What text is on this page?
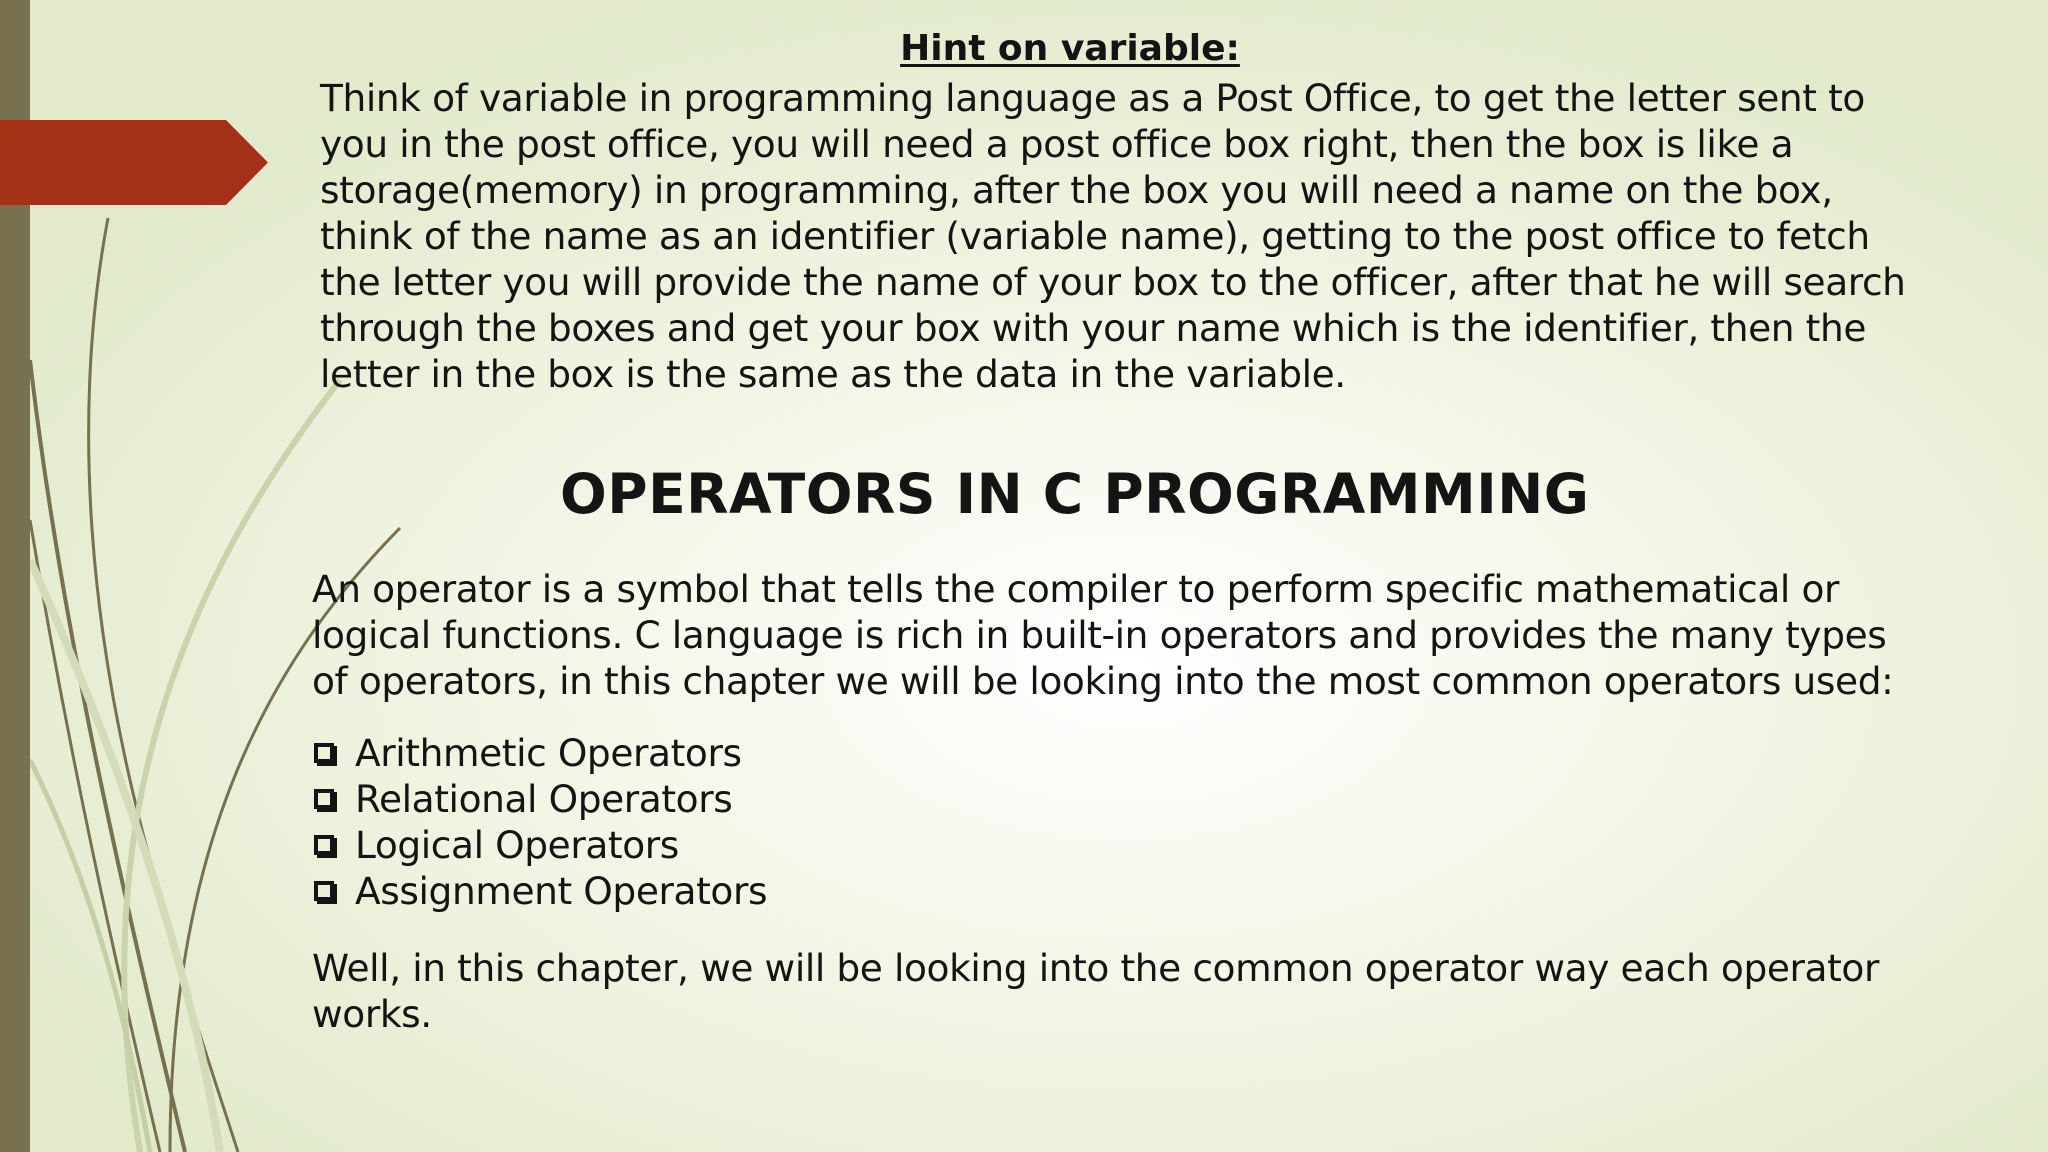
Hint on variable:
Think of variable in programming language as a Post Office, to get the letter sent to
you in the post office, you will need a post office box right, then the box is like a
storage(memory) in programming, after the box you will need a name on the box,
think of the name as an identifier (variable name), getting to the post office to fetch
the letter you will provide the name of your box to the officer, after that he will search
through the boxes and get your box with your name which is the identifier, then the
letter in the box is the same as the data in the variable.
OPERATORS IN C PROGRAMMING
An operator is a symbol that tells the compiler to perform specific mathematical or
logical functions. C language is rich in built-in operators and provides the many types
of operators, in this chapter we will be looking into the most common operators used:
Arithmetic Operators
Relational Operators
Logical Operators
Assignment Operators
Well, in this chapter, we will be looking into the common operator way each operator
works.
